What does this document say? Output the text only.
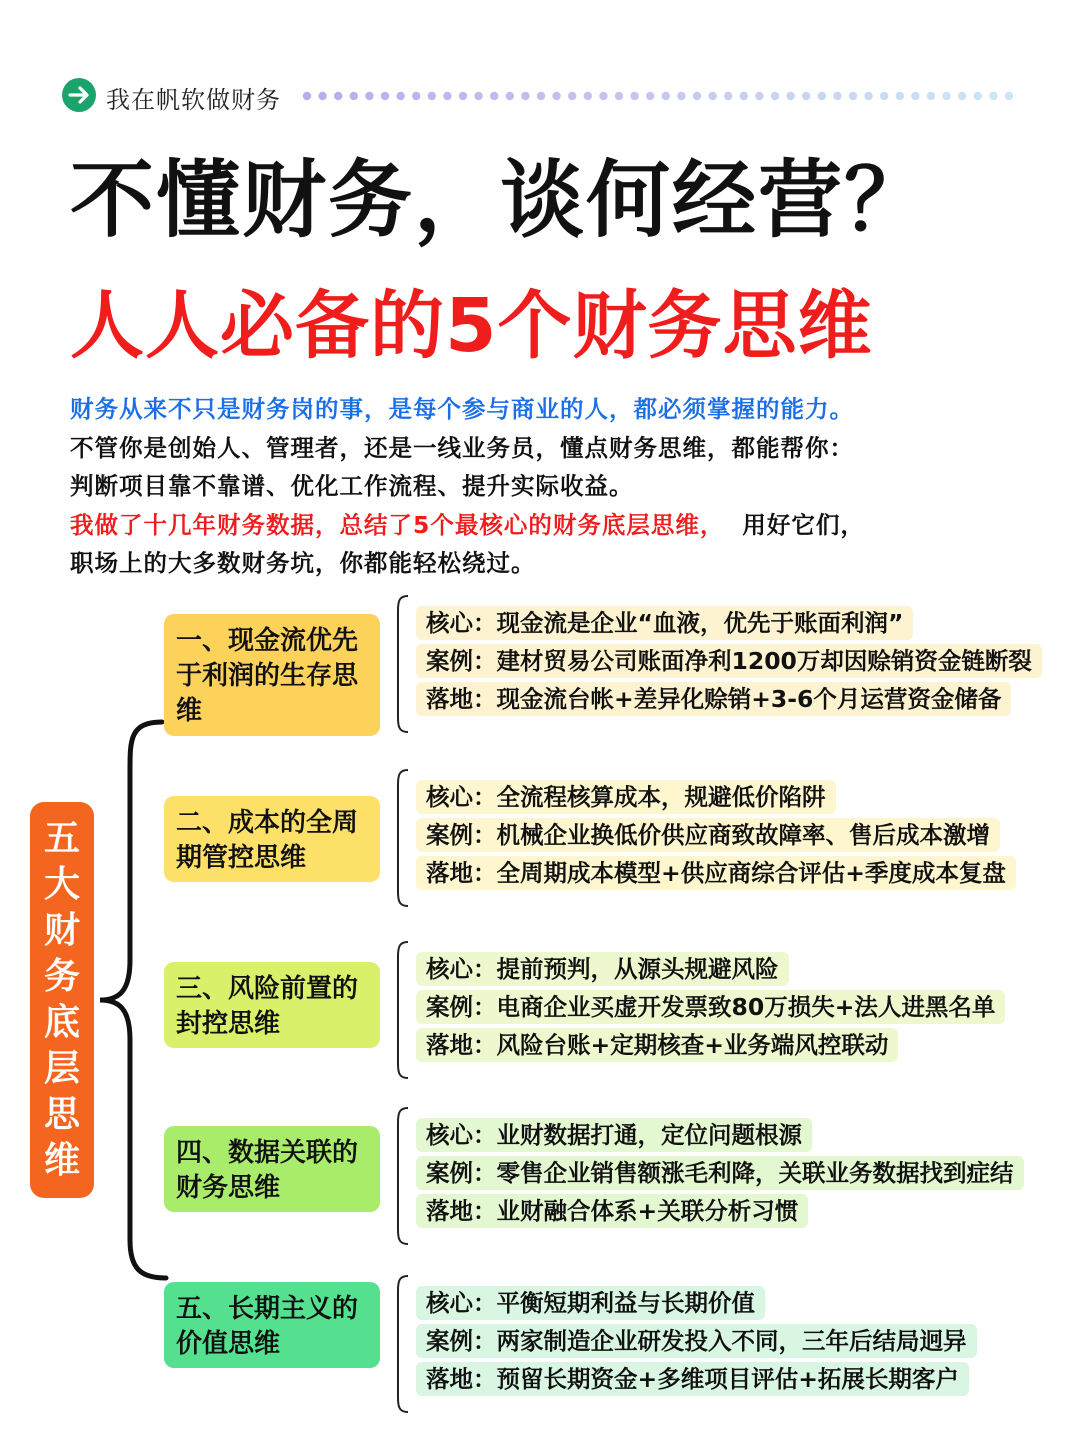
我在帆软做财务
不懂财务，谈何经营？
人人必备的5个财务思维
财务从来不只是财务岗的事，是每个参与商业的人，都必须掌握的能力。
不管你是创始人、管理者，还是一线业务员，懂点财务思维，都能帮你：
判断项目靠不靠谱、优化工作流程、提升实际收益。
我做了十几年财务数据，总结了5个最核心的财务底层思维， 用好它们，
职场上的大多数财务坑，你都能轻松绕过。
五
大
财
务
底
层
思
维
一、现金流优先于利润的生存思维
核心：现金流是企业“血液，优先于账面利润”
案例：建材贸易公司账面净利1200万却因赊销资金链断裂
落地：现金流台帐+差异化赊销+3-6个月运营资金储备
二、成本的全周期管控思维
核心：全流程核算成本，规避低价陷阱
案例：机械企业换低价供应商致故障率、售后成本激增
落地：全周期成本模型+供应商综合评估+季度成本复盘
三、风险前置的封控思维
核心：提前预判，从源头规避风险
案例：电商企业买虚开发票致80万损失+法人进黑名单
落地：风险台账+定期核查+业务端风控联动
四、数据关联的财务思维
核心：业财数据打通，定位问题根源
案例：零售企业销售额涨毛利降，关联业务数据找到症结
落地：业财融合体系+关联分析习惯
五、长期主义的价值思维
核心：平衡短期利益与长期价值
案例：两家制造企业研发投入不同，三年后结局迥异
落地：预留长期资金+多维项目评估+拓展长期客户
